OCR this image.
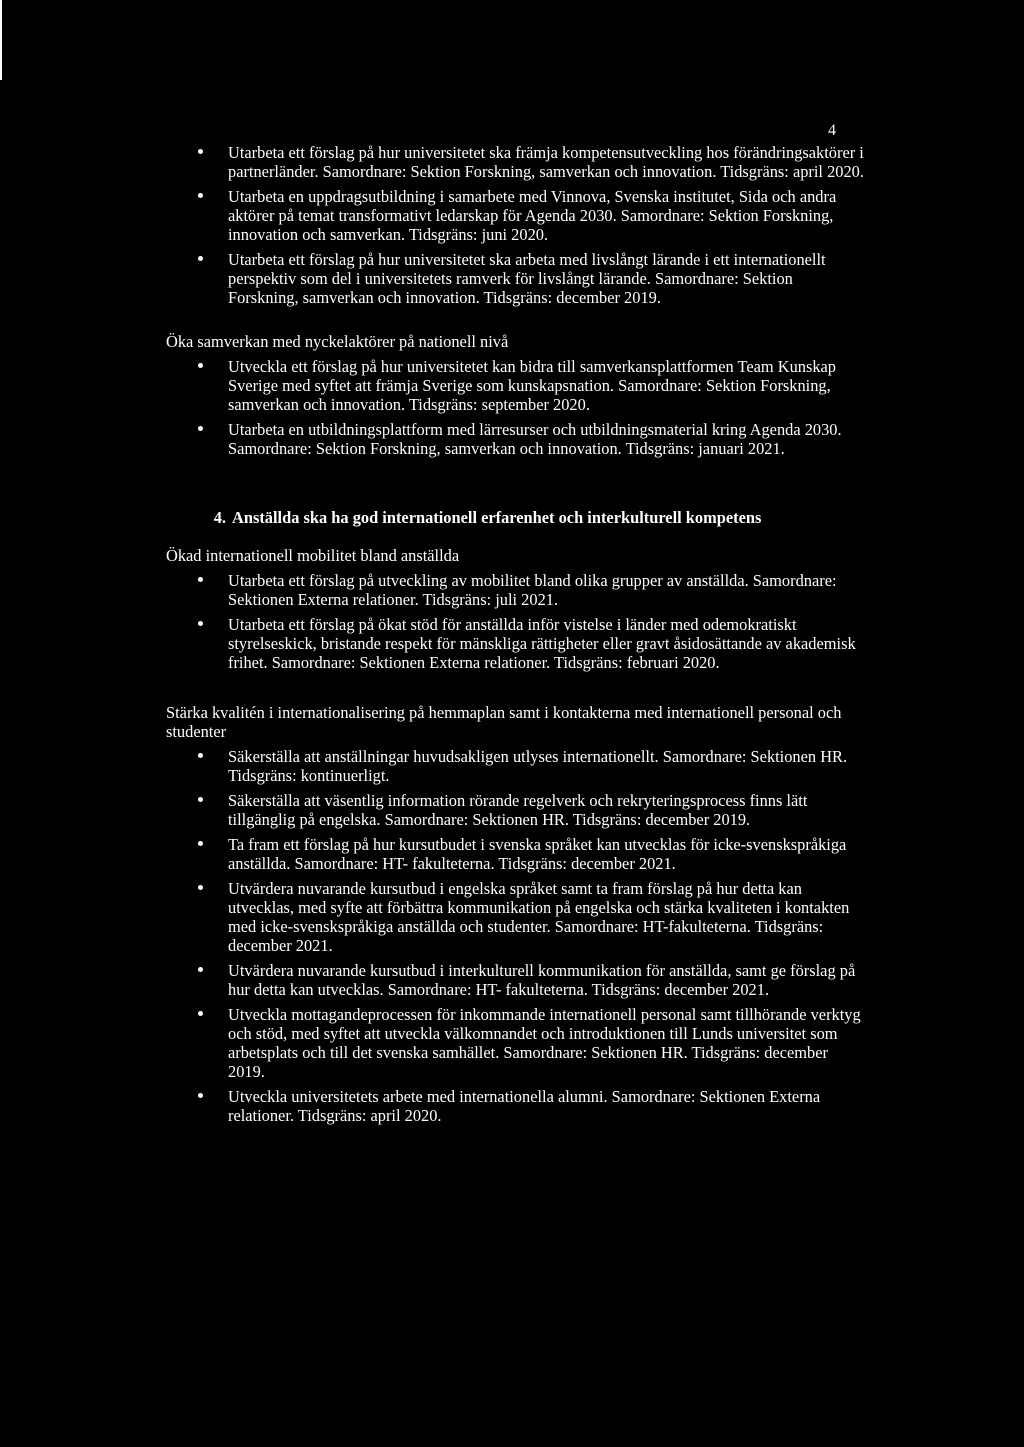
4
Utarbeta ett förslag på hur universitetet ska främja kompetensutveckling hos förändringsaktörer i partnerländer. Samordnare: Sektion Forskning, samverkan och innovation. Tidsgräns: april 2020.
Utarbeta en uppdragsutbildning i samarbete med Vinnova, Svenska institutet, Sida och andra aktörer på temat transformativt ledarskap för Agenda 2030. Samordnare: Sektion Forskning, innovation och samverkan. Tidsgräns: juni 2020.
Utarbeta ett förslag på hur universitetet ska arbeta med livslångt lärande i ett internationellt perspektiv som del i universitetets ramverk för livslångt lärande. Samordnare: Sektion Forskning, samverkan och innovation. Tidsgräns: december 2019.

Öka samverkan med nyckelaktörer på nationell nivå

Utveckla ett förslag på hur universitetet kan bidra till samverkansplattformen Team Kunskap Sverige med syftet att främja Sverige som kunskapsnation. Samordnare: Sektion Forskning, samverkan och innovation. Tidsgräns: september 2020.
Utarbeta en utbildningsplattform med lärresurser och utbildningsmaterial kring Agenda 2030. Samordnare: Sektion Forskning, samverkan och innovation. Tidsgräns: januari 2021.
4. Anställda ska ha god internationell erfarenhet och interkulturell kompetens

Ökad internationell mobilitet bland anställda

Utarbeta ett förslag på utveckling av mobilitet bland olika grupper av anställda. Samordnare: Sektionen Externa relationer. Tidsgräns: juli 2021.
Utarbeta ett förslag på ökat stöd för anställda inför vistelse i länder med odemokratiskt styrelseskick, bristande respekt för mänskliga rättigheter eller gravt åsidosättande av akademisk frihet. Samordnare: Sektionen Externa relationer. Tidsgräns: februari 2020.

Stärka kvalitén i internationalisering på hemmaplan samt i kontakterna med internationell personal och studenter

Säkerställa att anställningar huvudsakligen utlyses internationellt. Samordnare: Sektionen HR. Tidsgräns: kontinuerligt.
Säkerställa att väsentlig information rörande regelverk och rekryteringsprocess finns lätt tillgänglig på engelska. Samordnare: Sektionen HR. Tidsgräns: december 2019.
Ta fram ett förslag på hur kursutbudet i svenska språket kan utvecklas för icke-svenskspråkiga anställda. Samordnare: HT- fakulteterna. Tidsgräns: december 2021.
Utvärdera nuvarande kursutbud i engelska språket samt ta fram förslag på hur detta kan utvecklas, med syfte att förbättra kommunikation på engelska och stärka kvaliteten i kontakten med icke-svenskspråkiga anställda och studenter. Samordnare: HT-fakulteterna. Tidsgräns: december 2021.
Utvärdera nuvarande kursutbud i interkulturell kommunikation för anställda, samt ge förslag på hur detta kan utvecklas. Samordnare: HT- fakulteterna. Tidsgräns: december 2021.
Utveckla mottagandeprocessen för inkommande internationell personal samt tillhörande verktyg och stöd, med syftet att utveckla välkomnandet och introduktionen till Lunds universitet som arbetsplats och till det svenska samhället. Samordnare: Sektionen HR. Tidsgräns: december 2019.
Utveckla universitetets arbete med internationella alumni. Samordnare: Sektionen Externa relationer. Tidsgräns: april 2020.
